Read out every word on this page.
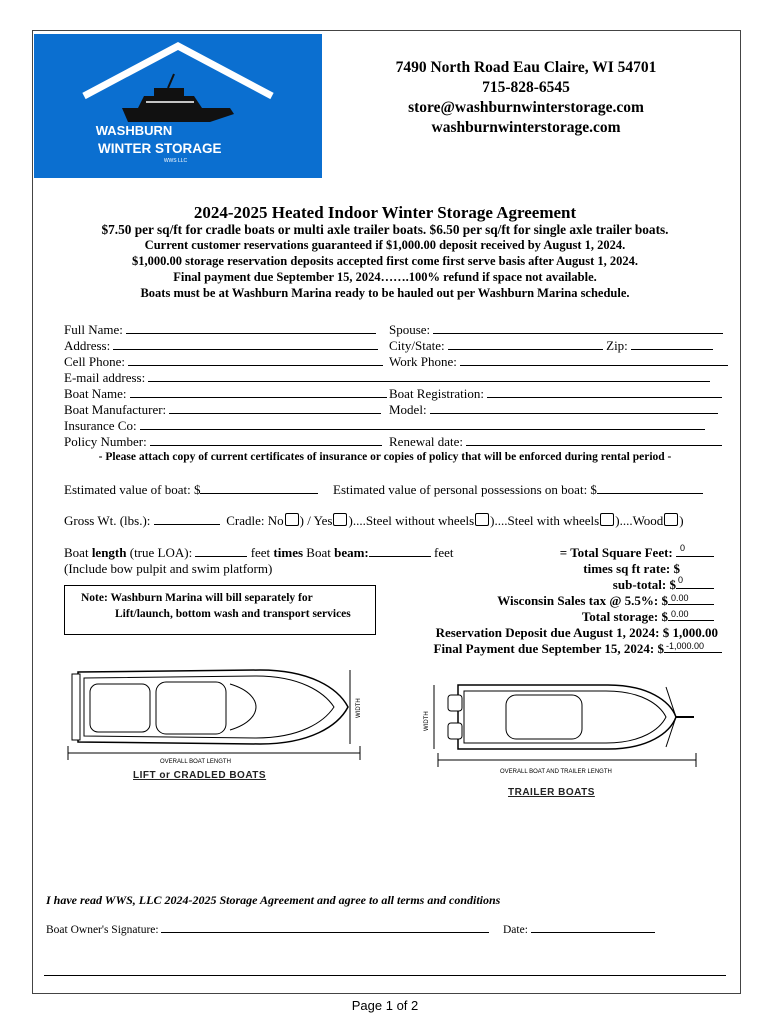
WASHBURN
WINTER STORAGE
WWS LLC
7490 North Road Eau Claire, WI 54701
715-828-6545
store@washburnwinterstorage.com
washburnwinterstorage.com
2024-2025 Heated Indoor Winter Storage Agreement
$7.50 per sq/ft for cradle boats or multi axle trailer boats. $6.50 per sq/ft for single axle trailer boats.
Current customer reservations guaranteed if $1,000.00 deposit received by August 1, 2024.
$1,000.00 storage reservation deposits accepted first come first serve basis after August 1, 2024.
Final payment due September 15, 2024…….100% refund if space not available.
Boats must be at Washburn Marina ready to be hauled out per Washburn Marina schedule.
Full Name:	Spouse:
Address:	City/State:	Zip:
Cell Phone:	Work Phone:
E-mail address:
Boat Name:	Boat Registration:
Boat Manufacturer:	Model:
Insurance Co:
Policy Number:	Renewal date:
- Please attach copy of current certificates of insurance or copies of policy that will be enforced during rental period -
Estimated value of boat: $	Estimated value of personal possessions on boat: $
Gross Wt. (lbs.):	Cradle: No ) / Yes )....Steel without wheels )....Steel with wheels )....Wood )
Boat length (true LOA):	feet times Boat beam:	feet
(Include bow pulpit and swim platform)
= Total Square Feet: 0
times sq ft rate: $
sub-total: $ 0
Wisconsin Sales tax @ 5.5%: $ 0.00
Total storage: $ 0.00
Reservation Deposit due August 1, 2024: $ 1,000.00
Final Payment due September 15, 2024: $ -1,000.00
Note: Washburn Marina will bill separately for
Lift/launch, bottom wash and transport services
OVERALL BOAT LENGTH
WIDTH
LIFT or CRADLED BOATS	OVERALL BOAT AND TRAILER LENGTH
WIDTH
TRAILER BOATS
I have read WWS, LLC 2024-2025 Storage Agreement and agree to all terms and conditions
Boat Owner's Signature:	Date:
Page 1 of 2
